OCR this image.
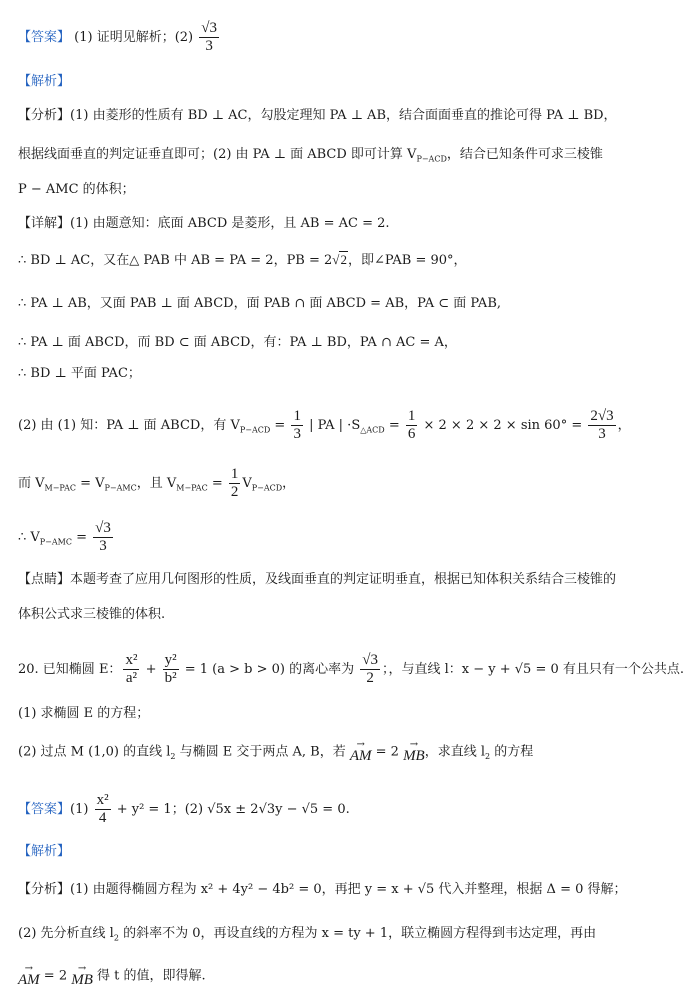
【答案】 (1) 证明见解析；$(2) \frac{√3}{3}$
【解析】
【分析】(1) 由菱形的性质有 BD ⊥ AC，勾股定理知 PA ⊥ AB，结合面面垂直的推论可得 PA ⊥ BD，
根据线面垂直的判定证垂直即可；(2) 由 PA ⊥ 面 ABCD 即可计算 $V_{P-ACD}$，结合已知条件可求三棱锥
P − AMC 的体积；
【详解】(1) 由题意知：底面 ABCD 是菱形，且 AB = AC = 2.
∴ BD ⊥ AC，又在△ PAB 中 AB = PA = 2，PB = 2√2，即∠PAB = 90°，
∴ PA ⊥ AB，又面 PAB ⊥ 面 ABCD，面 PAB ∩ 面 ABCD = AB，PA ⊂ 面 PAB,
∴ PA ⊥ 面 ABCD，而 BD ⊂ 面 ABCD，有：PA ⊥ BD，PA ∩ AC = A，
∴ BD ⊥ 平面 PAC；
(2) 由 (1) 知：PA ⊥ 面 ABCD，有 $V_{P-ACD} = \frac{1}{3}$ | PA | $\cdot S_{\triangle ACD} = \frac{1}{6} \times 2 \times 2 \times 2 \times \sin 60^\circ = \frac{2√3}{3}$ ，
而 $V_{M-PAC} = V_{P-AMC}$，且 $V_{M-PAC} = \frac{1}{2} V_{P-ACD}$，
∴ $V_{P-AMC} = \frac{√3}{3}$
【点睛】本题考查了应用几何图形的性质，及线面垂直的判定证明垂直，根据已知体积关系结合三棱锥的
体积公式求三棱锥的体积.
20. 已知椭圆 E： $\frac{\text{x²}}{\text{a²}} + \frac{\text{y²}}{\text{b²}} = 1$ (a > b > 0) 的离心率为 $\frac{√3}{2}$ ；，与直线 l：x − y + √5 = 0 有且只有一个公共点.
(1) 求椭圆 E 的方程；
(2) 过点 M (1,0) 的直线 $l_2$ 与椭圆 E 交于两点 A, B，若 →
AM = 2 →
MB ，求直线 $l_2$ 的方程
【答案】$(1) \frac{\text{x²}}{4} + y^2 = 1$；(2) √5x ± 2√3y − √5 = 0.
【解析】
【分析】(1) 由题得椭圆方程为 x² + 4y² − 4b² = 0，再把 y = x + √5 代入并整理，根据 Δ = 0 得解；
(2) 先分析直线 $l_2$ 的斜率不为 0，再设直线的方程为 x = ty + 1，联立椭圆方程得到韦达定理，再由
→
AM = 2 →
MB 得 t 的值，即得解.
